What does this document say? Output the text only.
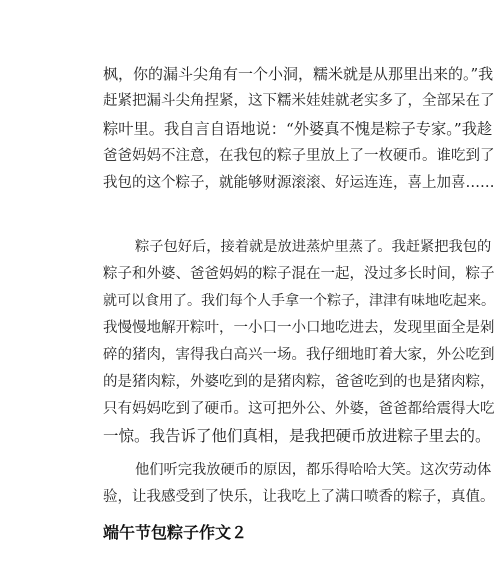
枫，你的漏斗尖角有一个小洞，糯米就是从那里出来的。”我
赶紧把漏斗尖角捏紧，这下糯米娃娃就老实多了，全部呆在了
粽叶里。我自言自语地说：“外婆真不愧是粽子专家。”我趁
爸爸妈妈不注意，在我包的粽子里放上了一枚硬币。谁吃到了
我包的这个粽子，就能够财源滚滚、好运连连，喜上加喜……
粽子包好后，接着就是放进蒸炉里蒸了。我赶紧把我包的
粽子和外婆、爸爸妈妈的粽子混在一起，没过多长时间，粽子
就可以食用了。我们每个人手拿一个粽子，津津有味地吃起来。
我慢慢地解开粽叶，一小口一小口地吃进去，发现里面全是剁
碎的猪肉，害得我白高兴一场。我仔细地盯着大家，外公吃到
的是猪肉粽，外婆吃到的是猪肉粽，爸爸吃到的也是猪肉粽，
只有妈妈吃到了硬币。这可把外公、外婆，爸爸都给震得大吃
一惊。我告诉了他们真相，是我把硬币放进粽子里去的。
他们听完我放硬币的原因，都乐得哈哈大笑。这次劳动体
验，让我感受到了快乐，让我吃上了满口喷香的粽子，真值。
端午节包粽子作文２
